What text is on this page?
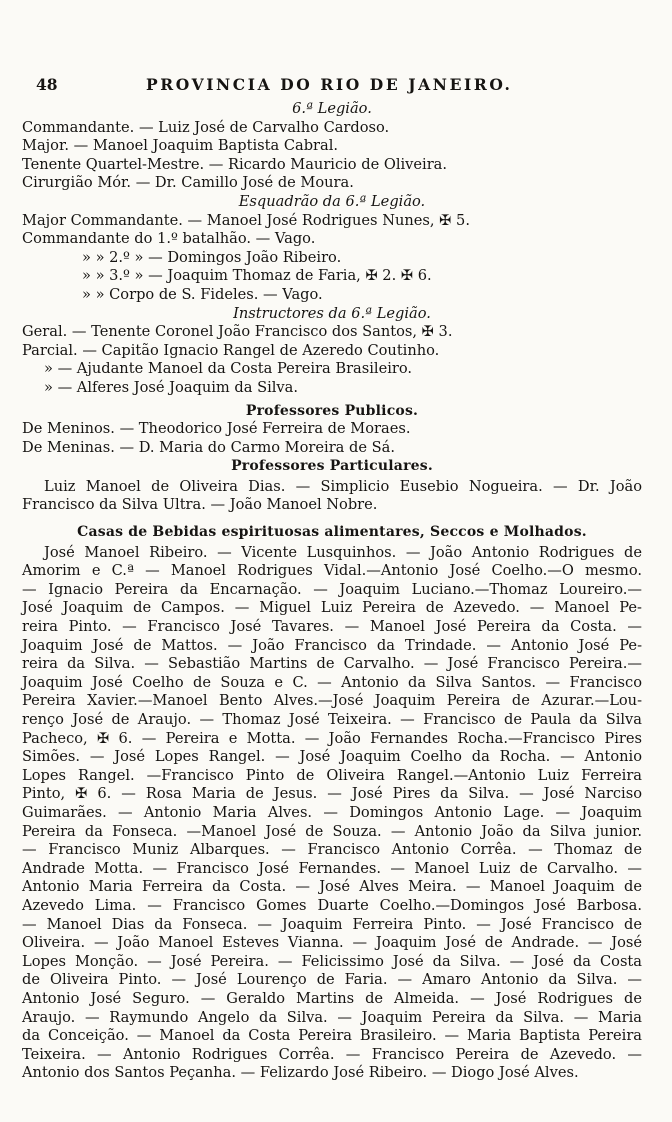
48	PROVINCIA DO RIO DE JANEIRO.
6.ª Legião.
Commandante. — Luiz José de Carvalho Cardoso.
Major. — Manoel Joaquim Baptista Cabral.
Tenente Quartel-Mestre. — Ricardo Mauricio de Oliveira.
Cirurgião Mór. — Dr. Camillo José de Moura.
Esquadrão da 6.ª Legião.
Major Commandante. — Manoel José Rodrigues Nunes, ✠ 5.
Commandante do 1.º batalhão. — Vago.
» » 2.º » — Domingos João Ribeiro.
» » 3.º » — Joaquim Thomaz de Faria, ✠ 2. ✠ 6.
» » Corpo de S. Fideles. — Vago.
Instructores da 6.ª Legião.
Geral. — Tenente Coronel João Francisco dos Santos, ✠ 3.
Parcial. — Capitão Ignacio Rangel de Azeredo Coutinho.
» — Ajudante Manoel da Costa Pereira Brasileiro.
» — Alferes José Joaquim da Silva.
Professores Publicos.
De Meninos. — Theodorico José Ferreira de Moraes.
De Meninas. — D. Maria do Carmo Moreira de Sá.
Professores Particulares.
Luiz Manoel de Oliveira Dias. — Simplicio Eusebio Nogueira. — Dr. João
Francisco da Silva Ultra. — João Manoel Nobre.
Casas de Bebidas espirituosas alimentares, Seccos e Molhados.
José Manoel Ribeiro. — Vicente Lusquinhos. — João Antonio Rodrigues de
Amorim e C.ª — Manoel Rodrigues Vidal.—Antonio José Coelho.—O mesmo.
— Ignacio Pereira da Encarnação. — Joaquim Luciano.—Thomaz Loureiro.—
José Joaquim de Campos. — Miguel Luiz Pereira de Azevedo. — Manoel Pe-
reira Pinto. — Francisco José Tavares. — Manoel José Pereira da Costa. —
Joaquim José de Mattos. — João Francisco da Trindade. — Antonio José Pe-
reira da Silva. — Sebastião Martins de Carvalho. — José Francisco Pereira.—
Joaquim José Coelho de Souza e C. — Antonio da Silva Santos. — Francisco
Pereira Xavier.—Manoel Bento Alves.—José Joaquim Pereira de Azurar.—Lou-
renço José de Araujo. — Thomaz José Teixeira. — Francisco de Paula da Silva
Pacheco, ✠ 6. — Pereira e Motta. — João Fernandes Rocha.—Francisco Pires
Simões. — José Lopes Rangel. — José Joaquim Coelho da Rocha. — Antonio
Lopes Rangel. —Francisco Pinto de Oliveira Rangel.—Antonio Luiz Ferreira
Pinto, ✠ 6. — Rosa Maria de Jesus. — José Pires da Silva. — José Narciso
Guimarães. — Antonio Maria Alves. — Domingos Antonio Lage. — Joaquim
Pereira da Fonseca. —Manoel José de Souza. — Antonio João da Silva junior.
— Francisco Muniz Albarques. — Francisco Antonio Corrêa. — Thomaz de
Andrade Motta. — Francisco José Fernandes. — Manoel Luiz de Carvalho. —
Antonio Maria Ferreira da Costa. — José Alves Meira. — Manoel Joaquim de
Azevedo Lima. — Francisco Gomes Duarte Coelho.—Domingos José Barbosa.
— Manoel Dias da Fonseca. — Joaquim Ferreira Pinto. — José Francisco de
Oliveira. — João Manoel Esteves Vianna. — Joaquim José de Andrade. — José
Lopes Monção. — José Pereira. — Felicissimo José da Silva. — José da Costa
de Oliveira Pinto. — José Lourenço de Faria. — Amaro Antonio da Silva. —
Antonio José Seguro. — Geraldo Martins de Almeida. — José Rodrigues de
Araujo. — Raymundo Angelo da Silva. — Joaquim Pereira da Silva. — Maria
da Conceição. — Manoel da Costa Pereira Brasileiro. — Maria Baptista Pereira
Teixeira. — Antonio Rodrigues Corrêa. — Francisco Pereira de Azevedo. —
Antonio dos Santos Peçanha. — Felizardo José Ribeiro. — Diogo José Alves.
